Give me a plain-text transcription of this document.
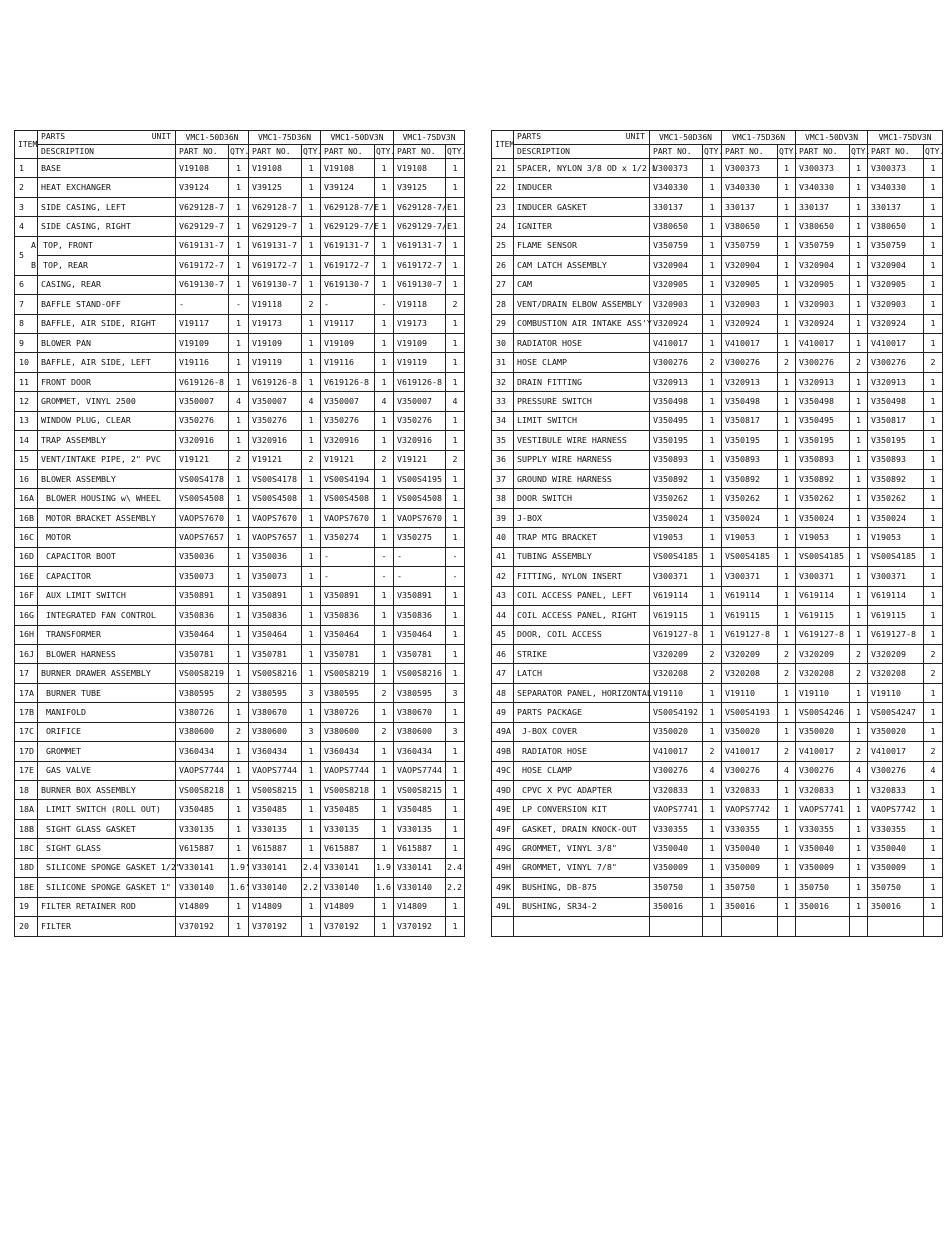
ITEM	PARTS UNIT	VMC1-50D36N		VMC1-75D36N		VMC1-50DV3N		VMC1-75DV3N	
	DESCRIPTION	PART NO.	QTY.	PART NO.	QTY.	PART NO.	QTY.	PART NO.	QTY.
1	BASE	V19108	1	V19108	1	V19108	1	V19108	1
2	HEAT EXCHANGER	V39124	1	V39125	1	V39124	1	V39125	1
3	SIDE CASING, LEFT	V629128-7	1	V629128-7	1	V629128-7/E	1	V629128-7/E	1
4	SIDE CASING, RIGHT	V629129-7	1	V629129-7	1	V629129-7/E	1	V629129-7/E	1
5	A TOP, FRONT	V619131-7	1	V619131-7	1	V619131-7	1	V619131-7	1
	B TOP, REAR	V619172-7	1	V619172-7	1	V619172-7	1	V619172-7	1
6	CASING, REAR	V619130-7	1	V619130-7	1	V619130-7	1	V619130-7	1
7	BAFFLE STAND-OFF	-	-	V19118	2	-	-	V19118	2
8	BAFFLE, AIR SIDE, RIGHT	V19117	1	V19173	1	V19117	1	V19173	1
9	BLOWER PAN	V19109	1	V19109	1	V19109	1	V19109	1
10	BAFFLE, AIR SIDE, LEFT	V19116	1	V19119	1	V19116	1	V19119	1
11	FRONT DOOR	V619126-8	1	V619126-8	1	V619126-8	1	V619126-8	1
12	GROMMET, VINYL 2500	V350007	4	V350007	4	V350007	4	V350007	4
13	WINDOW PLUG, CLEAR	V350276	1	V350276	1	V350276	1	V350276	1
14	TRAP ASSEMBLY	V320916	1	V320916	1	V320916	1	V320916	1
15	VENT/INTAKE PIPE, 2" PVC	V19121	2	V19121	2	V19121	2	V19121	2
16	BLOWER ASSEMBLY	VS00S4178	1	VS00S4178	1	VS00S4194	1	VS00S4195	1
16A	BLOWER HOUSING w\ WHEEL	VS00S4508	1	VS00S4508	1	VS00S4508	1	VS00S4508	1
16B	MOTOR BRACKET ASSEMBLY	VAOPS7670	1	VAOPS7670	1	VAOPS7670	1	VAOPS7670	1
16C	MOTOR	VAOPS7657	1	VAOPS7657	1	V350274	1	V350275	1
16D	CAPACITOR BOOT	V350036	1	V350036	1	-	-	-	-
16E	CAPACITOR	V350073	1	V350073	1	-	-	-	-
16F	AUX LIMIT SWITCH	V350891	1	V350891	1	V350891	1	V350891	1
16G	INTEGRATED FAN CONTROL	V350836	1	V350836	1	V350836	1	V350836	1
16H	TRANSFORMER	V350464	1	V350464	1	V350464	1	V350464	1
16J	BLOWER HARNESS	V350781	1	V350781	1	V350781	1	V350781	1
17	BURNER DRAWER ASSEMBLY	VS00S8219	1	VS00S8216	1	VS00S8219	1	VS00S8216	1
17A	BURNER TUBE	V380595	2	V380595	3	V380595	2	V380595	3
17B	MANIFOLD	V380726	1	V380670	1	V380726	1	V380670	1
17C	ORIFICE	V380600	2	V380600	3	V380600	2	V380600	3
17D	GROMMET	V360434	1	V360434	1	V360434	1	V360434	1
17E	GAS VALVE	VAOPS7744	1	VAOPS7744	1	VAOPS7744	1	VAOPS7744	1
18	BURNER BOX ASSEMBLY	VS00S8218	1	VS00S8215	1	VS00S8218	1	VS00S8215	1
18A	LIMIT SWITCH (ROLL OUT)	V350485	1	V350485	1	V350485	1	V350485	1
18B	SIGHT GLASS GASKET	V330135	1	V330135	1	V330135	1	V330135	1
18C	SIGHT GLASS	V615887	1	V615887	1	V615887	1	V615887	1
18D	SILICONE SPONGE GASKET 1/2"	V330141	1.9'	V330141	2.4'	V330141	1.9'	V330141	2.4'
18E	SILICONE SPONGE GASKET 1"	V330140	1.6'	V330140	2.2'	V330140	1.6'	V330140	2.2'
19	FILTER RETAINER ROD	V14809	1	V14809	1	V14809	1	V14809	1
20	FILTER	V370192	1	V370192	1	V370192	1	V370192	1
ITEM	PARTS UNIT	VMC1-50D36N		VMC1-75D36N		VMC1-50DV3N		VMC1-75DV3N	
	DESCRIPTION	PART NO.	QTY.	PART NO.	QTY.	PART NO.	QTY.	PART NO.	QTY.
21	SPACER, NYLON 3/8 OD x 1/2 L	V300373	1	V300373	1	V300373	1	V300373	1
22	INDUCER	V340330	1	V340330	1	V340330	1	V340330	1
23	INDUCER GASKET	330137	1	330137	1	330137	1	330137	1
24	IGNITER	V380650	1	V380650	1	V380650	1	V380650	1
25	FLAME SENSOR	V350759	1	V350759	1	V350759	1	V350759	1
26	CAM LATCH ASSEMBLY	V320904	1	V320904	1	V320904	1	V320904	1
27	CAM	V320905	1	V320905	1	V320905	1	V320905	1
28	VENT/DRAIN ELBOW ASSEMBLY	V320903	1	V320903	1	V320903	1	V320903	1
29	COMBUSTION AIR INTAKE ASS'Y	V320924	1	V320924	1	V320924	1	V320924	1
30	RADIATOR HOSE	V410017	1	V410017	1	V410017	1	V410017	1
31	HOSE CLAMP	V300276	2	V300276	2	V300276	2	V300276	2
32	DRAIN FITTING	V320913	1	V320913	1	V320913	1	V320913	1
33	PRESSURE SWITCH	V350498	1	V350498	1	V350498	1	V350498	1
34	LIMIT SWITCH	V350495	1	V350817	1	V350495	1	V350817	1
35	VESTIBULE WIRE HARNESS	V350195	1	V350195	1	V350195	1	V350195	1
36	SUPPLY WIRE HARNESS	V350893	1	V350893	1	V350893	1	V350893	1
37	GROUND WIRE HARNESS	V350892	1	V350892	1	V350892	1	V350892	1
38	DOOR SWITCH	V350262	1	V350262	1	V350262	1	V350262	1
39	J-BOX	V350024	1	V350024	1	V350024	1	V350024	1
40	TRAP MTG BRACKET	V19053	1	V19053	1	V19053	1	V19053	1
41	TUBING ASSEMBLY	VS00S4185	1	VS00S4185	1	VS00S4185	1	VS00S4185	1
42	FITTING, NYLON INSERT	V300371	1	V300371	1	V300371	1	V300371	1
43	COIL ACCESS PANEL, LEFT	V619114	1	V619114	1	V619114	1	V619114	1
44	COIL ACCESS PANEL, RIGHT	V619115	1	V619115	1	V619115	1	V619115	1
45	DOOR, COIL ACCESS	V619127-8	1	V619127-8	1	V619127-8	1	V619127-8	1
46	STRIKE	V320209	2	V320209	2	V320209	2	V320209	2
47	LATCH	V320208	2	V320208	2	V320208	2	V320208	2
48	SEPARATOR PANEL, HORIZONTAL	V19110	1	V19110	1	V19110	1	V19110	1
49	PARTS PACKAGE	VS00S4192	1	VS00S4193	1	VS00S4246	1	VS00S4247	1
49A	J-BOX COVER	V350020	1	V350020	1	V350020	1	V350020	1
49B	RADIATOR HOSE	V410017	2	V410017	2	V410017	2	V410017	2
49C	HOSE CLAMP	V300276	4	V300276	4	V300276	4	V300276	4
49D	CPVC X PVC ADAPTER	V320833	1	V320833	1	V320833	1	V320833	1
49E	LP CONVERSION KIT	VAOPS7741	1	VAOPS7742	1	VAOPS7741	1	VAOPS7742	1
49F	GASKET, DRAIN KNOCK-OUT	V330355	1	V330355	1	V330355	1	V330355	1
49G	GROMMET, VINYL 3/8"	V350040	1	V350040	1	V350040	1	V350040	1
49H	GROMMET, VINYL 7/8"	V350009	1	V350009	1	V350009	1	V350009	1
49K	BUSHING, DB-875	350750	1	350750	1	350750	1	350750	1
49L	BUSHING, SR34-2	350016	1	350016	1	350016	1	350016	1
